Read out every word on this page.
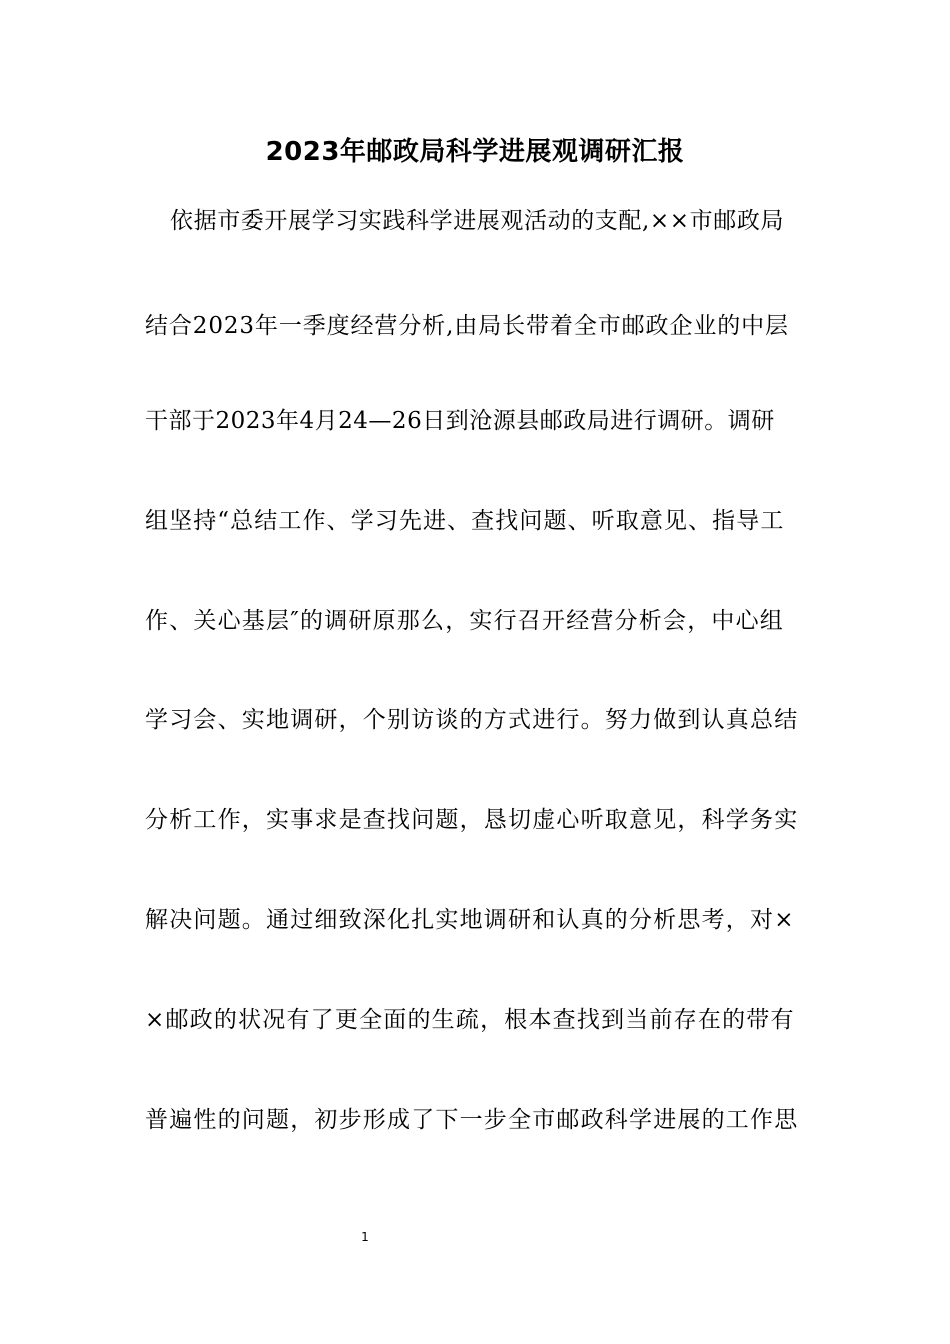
2023年邮政局科学进展观调研汇报
依据市委开展学习实践科学进展观活动的支配,××市邮政局
结合2023年一季度经营分析,由局长带着全市邮政企业的中层
干部于2023年4月24—26日到沧源县邮政局进行调研。调研
组坚持“总结工作、学习先进、查找问题、听取意见、指导工
作、关心基层″的调研原那么，实行召开经营分析会，中心组
学习会、实地调研，个别访谈的方式进行。努力做到认真总结
分析工作，实事求是查找问题，恳切虚心听取意见，科学务实
解决问题。通过细致深化扎实地调研和认真的分析思考，对×
×邮政的状况有了更全面的生疏，根本查找到当前存在的带有
普遍性的问题，初步形成了下一步全市邮政科学进展的工作思
1
